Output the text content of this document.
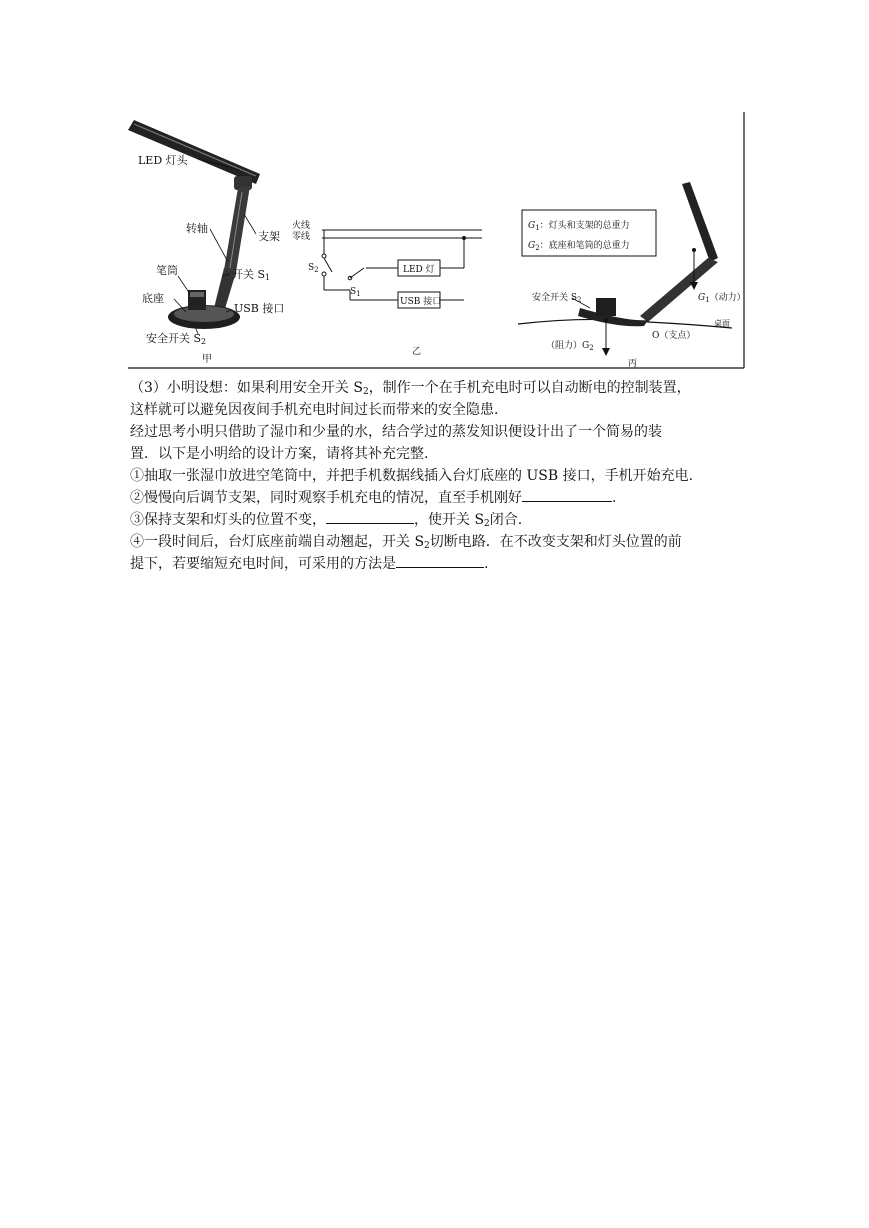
LED 灯头
转轴
支架
笔筒	开关 S1
底座
USB 接口
安全开关 S2
甲
火线
零线
$S_2$
$S_1$
LED 灯
USB 接口
乙
$G_1$：灯头和支架的总重力
$G_2$：底座和笔筒的总重力
安全开关 $S_2$	$G_1$（动力）
O（支点）
桌面
（阻力）$G_2$
丙

（3）小明设想：如果利用安全开关 $S_2$，制作一个在手机充电时可以自动断电的控制装置，

这样就可以避免因夜间手机充电时间过长而带来的安全隐患.

经过思考小明只借助了湿巾和少量的水，结合学过的蒸发知识便设计出了一个简易的装

置．以下是小明给的设计方案，请将其补充完整.

①抽取一张湿巾放进空笔筒中，并把手机数据线插入台灯底座的 USB 接口，手机开始充电.

②慢慢向后调节支架，同时观察手机充电的情况，直至手机刚好	.

③保持支架和灯头的位置不变，	，使开关 $S_2$闭合.

④一段时间后，台灯底座前端自动翘起，开关 $S_2$切断电路．在不改变支架和灯头位置的前

提下，若要缩短充电时间，可采用的方法是	.
